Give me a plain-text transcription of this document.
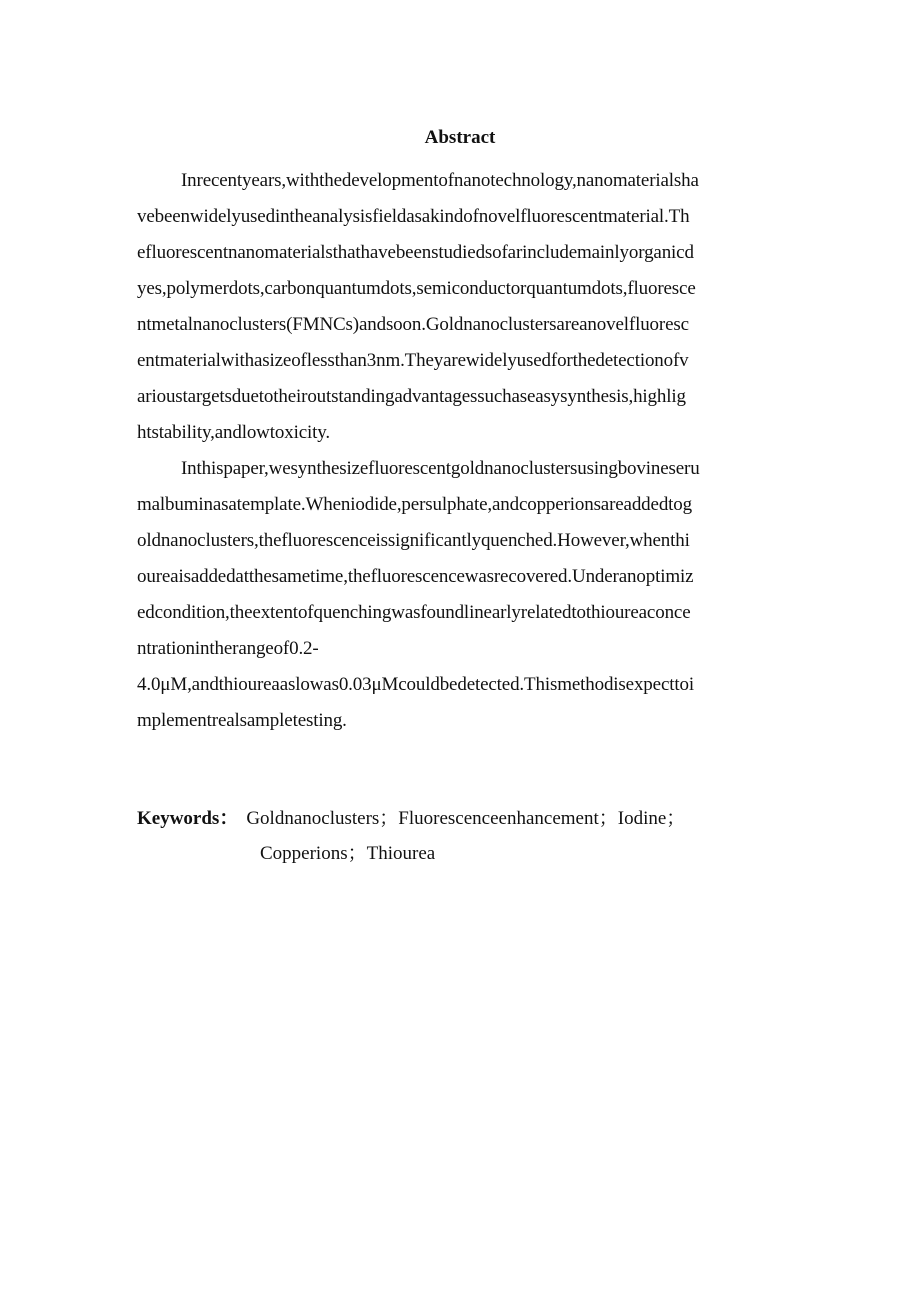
Abstract
Inrecentyears,withthedevelopmentofnanotechnology,nanomaterialsha
vebeenwidelyusedintheanalysisfieldasakindofnovelfluorescentmaterial.Th
efluorescentnanomaterialsthathavebeenstudiedsofarincludemainlyorganicd
yes,polymerdots,carbonquantumdots,semiconductorquantumdots,fluoresce
ntmetalnanoclusters(FMNCs)andsoon.Goldnanoclustersareanovelfluoresc
entmaterialwithasizeoflessthan3nm.Theyarewidelyusedforthedetectionofv
arioustargetsduetotheiroutstandingadvantagessuchaseasysynthesis,highlig
htstability,andlowtoxicity.
Inthispaper,wesynthesizefluorescentgoldnanoclustersusingbovineseru
malbuminasatemplate.Wheniodide,persulphate,andcopperionsareaddedtog
oldnanoclusters,thefluorescenceissignificantlyquenched.However,whenthi
oureaisaddedatthesametime,thefluorescencewasrecovered.Underanoptimiz
edcondition,theextentofquenchingwasfoundlinearlyrelatedtothioureaconce
ntrationintherangeof0.2-
4.0μM,andthioureaaslowas0.03μMcouldbedetected.Thismethodisexpecttoi
mplementrealsampletesting.
Keywords： Goldnanoclusters；Fluorescenceenhancement；Iodine；
Copperions；Thiourea
